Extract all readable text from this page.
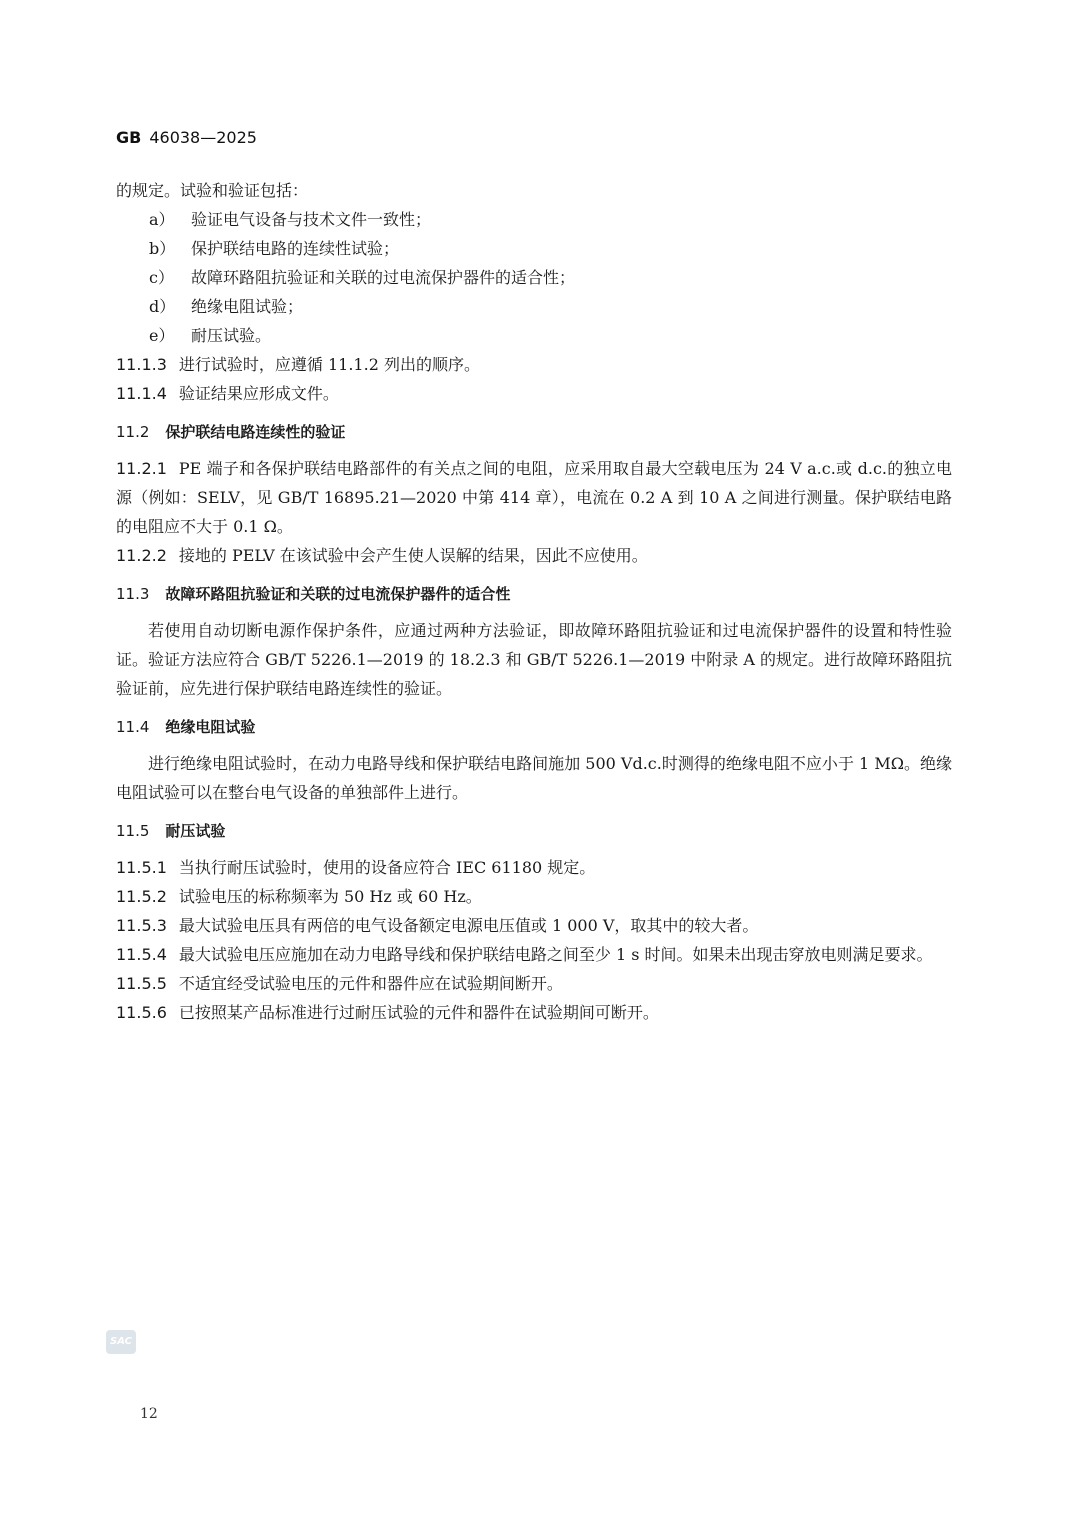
GB 46038—2025
的规定。试验和验证包括：
a） 验证电气设备与技术文件一致性；
b） 保护联结电路的连续性试验；
c） 故障环路阻抗验证和关联的过电流保护器件的适合性；
d） 绝缘电阻试验；
e） 耐压试验。
11.1.3 进行试验时，应遵循 11.1.2 列出的顺序。
11.1.4 验证结果应形成文件。
11.2 保护联结电路连续性的验证
11.2.1 PE 端子和各保护联结电路部件的有关点之间的电阻，应采用取自最大空载电压为 24 V a.c.或 d.c.的独立电源（例如：SELV，见 GB/T 16895.21—2020 中第 414 章），电流在 0.2 A 到 10 A 之间进行测量。保护联结电路的电阻应不大于 0.1 Ω。
11.2.2 接地的 PELV 在该试验中会产生使人误解的结果，因此不应使用。
11.3 故障环路阻抗验证和关联的过电流保护器件的适合性
若使用自动切断电源作保护条件，应通过两种方法验证，即故障环路阻抗验证和过电流保护器件的设置和特性验证。验证方法应符合 GB/T 5226.1—2019 的 18.2.3 和 GB/T 5226.1—2019 中附录 A 的规定。进行故障环路阻抗验证前，应先进行保护联结电路连续性的验证。
11.4 绝缘电阻试验
进行绝缘电阻试验时，在动力电路导线和保护联结电路间施加 500 Vd.c.时测得的绝缘电阻不应小于 1 MΩ。绝缘电阻试验可以在整台电气设备的单独部件上进行。
11.5 耐压试验
11.5.1 当执行耐压试验时，使用的设备应符合 IEC 61180 规定。
11.5.2 试验电压的标称频率为 50 Hz 或 60 Hz。
11.5.3 最大试验电压具有两倍的电气设备额定电源电压值或 1 000 V，取其中的较大者。
11.5.4 最大试验电压应施加在动力电路导线和保护联结电路之间至少 1 s 时间。如果未出现击穿放电则满足要求。
11.5.5 不适宜经受试验电压的元件和器件应在试验期间断开。
11.5.6 已按照某产品标准进行过耐压试验的元件和器件在试验期间可断开。
SAC
12
